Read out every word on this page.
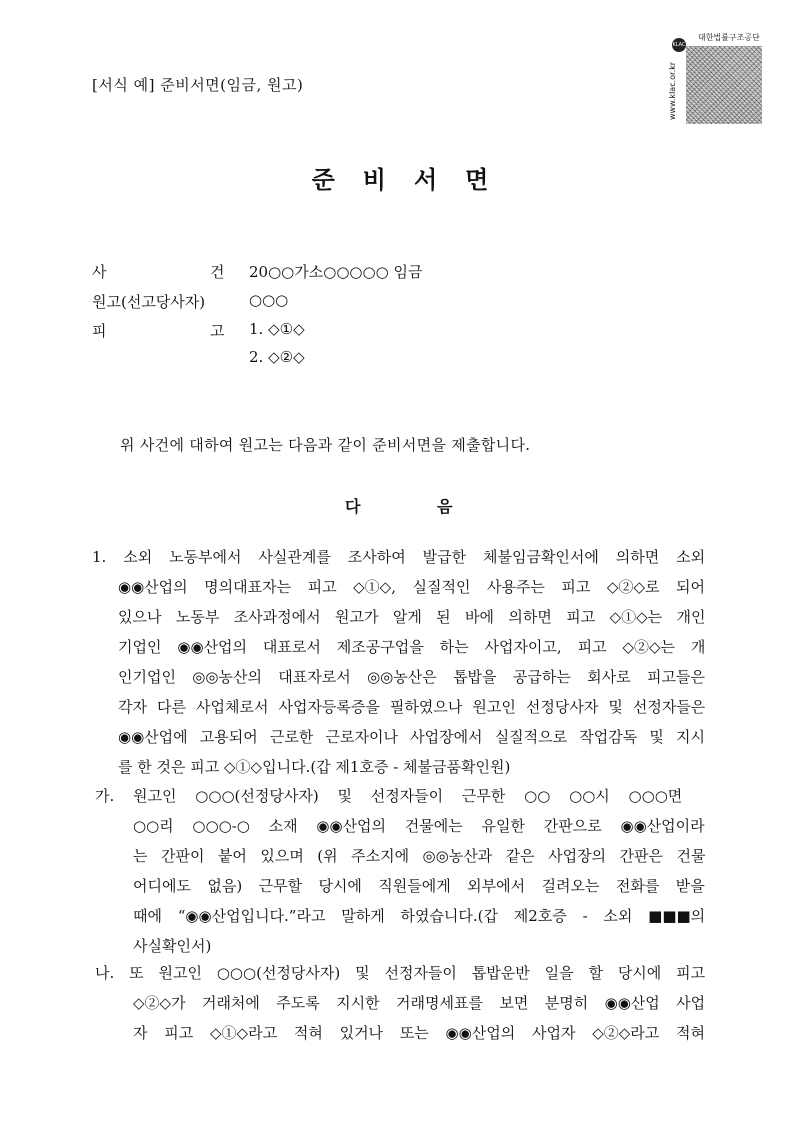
[서식 예] 준비서면(임금, 원고)
KLAC
대한법률구조공단
www.klac.or.kr
준비서면
사	건 20○○가소○○○○○ 임금
원고(선고당사자)	○○○
피	고 1. ◇①◇
2. ◇②◇
위 사건에 대하여 원고는 다음과 같이 준비서면을 제출합니다.
다	음
1. 소외 노동부에서 사실관계를 조사하여 발급한 체불임금확인서에 의하면 소외
◉◉산업의 명의대표자는 피고 ◇①◇, 실질적인 사용주는 피고 ◇②◇로 되어
있으나 노동부 조사과정에서 원고가 알게 된 바에 의하면 피고 ◇①◇는 개인
기업인 ◉◉산업의 대표로서 제조공구업을 하는 사업자이고, 피고 ◇②◇는 개
인기업인 ◎◎농산의 대표자로서 ◎◎농산은 톱밥을 공급하는 회사로 피고들은
각자 다른 사업체로서 사업자등록증을 필하였으나 원고인 선정당사자 및 선정자들은
◉◉산업에 고용되어 근로한 근로자이나 사업장에서 실질적으로 작업감독 및 지시
를 한 것은 피고 ◇①◇입니다.(갑 제1호증 - 체불금품확인원)
가. 원고인 ○○○(선정당사자) 및 선정자들이 근무한 ○○ ○○시 ○○○면
○○리 ○○○-○ 소재 ◉◉산업의 건물에는 유일한 간판으로 ◉◉산업이라
는 간판이 붙어 있으며 (위 주소지에 ◎◎농산과 같은 사업장의 간판은 건물
어디에도 없음) 근무할 당시에 직원들에게 외부에서 걸려오는 전화를 받을
때에 “◉◉산업입니다.”라고 말하게 하였습니다.(갑 제2호증 - 소외 ■■■의
사실확인서)
나. 또 원고인 ○○○(선정당사자) 및 선정자들이 톱밥운반 일을 할 당시에 피고
◇②◇가 거래처에 주도록 지시한 거래명세표를 보면 분명히 ◉◉산업 사업
자 피고 ◇①◇라고 적혀 있거나 또는 ◉◉산업의 사업자 ◇②◇라고 적혀
